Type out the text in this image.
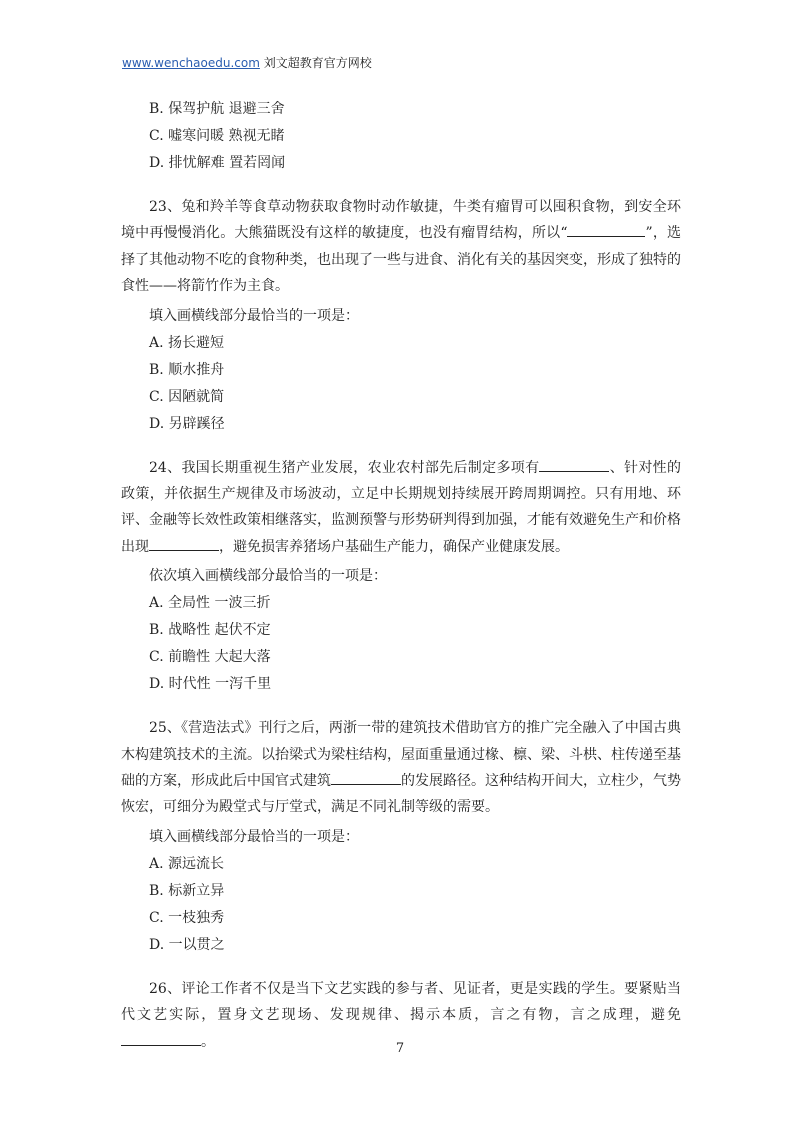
www.wenchaoedu.com 刘文超教育官方网校
B. 保驾护航 退避三舍
C. 嘘寒问暖 熟视无睹
D. 排忧解难 置若罔闻
23、兔和羚羊等食草动物获取食物时动作敏捷，牛类有瘤胃可以囤积食物，到安全环境中再慢慢消化。大熊猫既没有这样的敏捷度，也没有瘤胃结构，所以“	”，选择了其他动物不吃的食物种类，也出现了一些与进食、消化有关的基因突变，形成了独特的食性——将箭竹作为主食。
填入画横线部分最恰当的一项是：
A. 扬长避短
B. 顺水推舟
C. 因陋就简
D. 另辟蹊径
24、我国长期重视生猪产业发展，农业农村部先后制定多项有	、针对性的政策，并依据生产规律及市场波动，立足中长期规划持续展开跨周期调控。只有用地、环评、金融等长效性政策相继落实，监测预警与形势研判得到加强，才能有效避免生产和价格出现	，避免损害养猪场户基础生产能力，确保产业健康发展。
依次填入画横线部分最恰当的一项是：
A. 全局性 一波三折
B. 战略性 起伏不定
C. 前瞻性 大起大落
D. 时代性 一泻千里
25、《营造法式》刊行之后，两浙一带的建筑技术借助官方的推广完全融入了中国古典木构建筑技术的主流。以抬梁式为梁柱结构，屋面重量通过椽、檩、梁、斗栱、柱传递至基础的方案，形成此后中国官式建筑	的发展路径。这种结构开间大，立柱少，气势恢宏，可细分为殿堂式与厅堂式，满足不同礼制等级的需要。
填入画横线部分最恰当的一项是：
A. 源远流长
B. 标新立异
C. 一枝独秀
D. 一以贯之
26、评论工作者不仅是当下文艺实践的参与者、见证者，更是实践的学生。要紧贴当代文艺实际，置身文艺现场、发现规律、揭示本质，言之有物，言之成理，避免。	7
